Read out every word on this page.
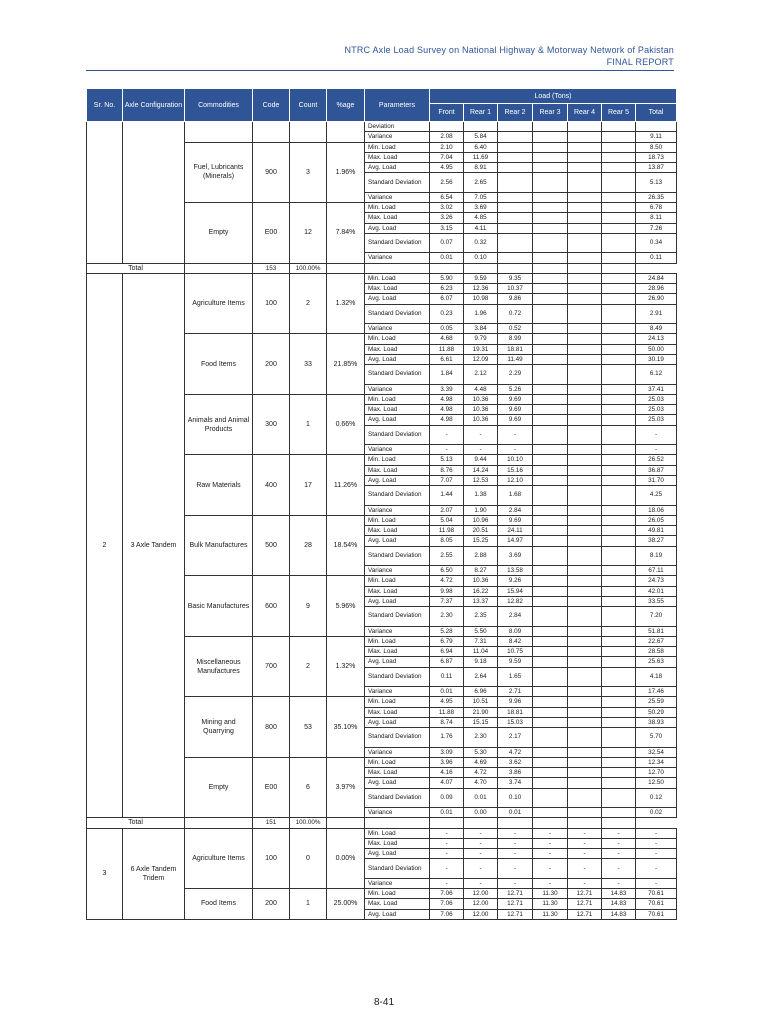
NTRC Axle Load Survey on National Highway & Motorway Network of Pakistan
FINAL REPORT
Sr. No.	Axle Configuration	Commodities	Code	Count	%age	Parameters	Load (Tons)						
							Front	Rear 1	Rear 2	Rear 3	Rear 4	Rear 5	Total
						Deviation							
						Variance	2.08	5.84					9.11
		Fuel, Lubricants (Minerals)	900	3	1.96%	Min. Load	2.10	6.40					8.50
						Max. Load	7.04	11.69					18.73
						Avg. Load	4.95	8.91					13.87
						Standard Deviation	2.56	2.65					5.13
						Variance	6.54	7.05					26.35
		Empty	E00	12	7.84%	Min. Load	3.02	3.69					6.78
						Max. Load	3.26	4.85					8.11
						Avg. Load	3.15	4.11					7.26
						Standard Deviation	0.07	0.32					0.34
						Variance	0.01	0.10					0.11
Total			153	100.00%									
2	3 Axle Tandem	Agriculture Items	100	2	1.32%	Min. Load	5.90	9.59	9.35				24.84
						Max. Load	6.23	12.36	10.37				28.96
						Avg. Load	6.07	10.98	9.86				26.90
						Standard Deviation	0.23	1.96	0.72				2.91
						Variance	0.05	3.84	0.52				8.49
		Food Items	200	33	21.85%	Min. Load	4.68	9.79	8.99				24.13
						Max. Load	11.88	19.31	18.81				50.00
						Avg. Load	6.61	12.09	11.49				30.19
						Standard Deviation	1.84	2.12	2.29				6.12
						Variance	3.39	4.48	5.26				37.41
		Animals and Animal Products	300	1	0.66%	Min. Load	4.98	10.36	9.69				25.03
						Max. Load	4.98	10.36	9.69				25.03
						Avg. Load	4.98	10.36	9.69				25.03
						Standard Deviation	-	-	-				-
						Variance	-	-	-				-
		Raw Materials	400	17	11.26%	Min. Load	5.13	9.44	10.10				26.52
						Max. Load	8.76	14.24	15.16				36.87
						Avg. Load	7.07	12.53	12.10				31.70
						Standard Deviation	1.44	1.38	1.68				4.25
						Variance	2.07	1.90	2.84				18.06
		Bulk Manufactures	500	28	18.54%	Min. Load	5.04	10.96	9.69				26.05
						Max. Load	11.98	20.51	24.11				49.81
						Avg. Load	8.05	15.25	14.97				38.27
						Standard Deviation	2.55	2.88	3.69				8.19
						Variance	6.50	8.27	13.58				67.11
		Basic Manufactures	600	9	5.96%	Min. Load	4.72	10.36	9.26				24.73
						Max. Load	9.98	16.22	15.94				42.01
						Avg. Load	7.37	13.37	12.82				33.55
						Standard Deviation	2.30	2.35	2.84				7.20
						Variance	5.28	5.50	8.09				51.81
		Miscellaneous Manufactures	700	2	1.32%	Min. Load	6.79	7.31	8.42				22.67
						Max. Load	6.94	11.04	10.75				28.58
						Avg. Load	6.87	9.18	9.59				25.63
						Standard Deviation	0.11	2.64	1.65				4.18
						Variance	0.01	6.96	2.71				17.46
		Mining and Quarrying	800	53	35.10%	Min. Load	4.95	10.51	9.96				25.59
						Max. Load	11.88	21.90	18.81				50.29
						Avg. Load	8.74	15.15	15.03				38.93
						Standard Deviation	1.76	2.30	2.17				5.70
						Variance	3.09	5.30	4.72				32.54
		Empty	E00	6	3.97%	Min. Load	3.96	4.69	3.62				12.34
						Max. Load	4.16	4.72	3.86				12.70
						Avg. Load	4.07	4.70	3.74				12.50
						Standard Deviation	0.09	0.01	0.10				0.12
						Variance	0.01	0.00	0.01				0.02
Total			151	100.00%									
3	6 Axle Tandem Tridem	Agriculture Items	100	0	0.00%	Min. Load	-	-	-	-	-	-	-
						Max. Load	-	-	-	-	-	-	-
						Avg. Load	-	-	-	-	-	-	-
						Standard Deviation	-	-	-	-	-	-	-
						Variance	-	-	-	-	-	-	-
		Food Items	200	1	25.00%	Min. Load	7.06	12.00	12.71	11.30	12.71	14.83	70.61
						Max. Load	7.06	12.00	12.71	11.30	12.71	14.83	70.61
						Avg. Load	7.06	12.00	12.71	11.30	12.71	14.83	70.61
8-41
